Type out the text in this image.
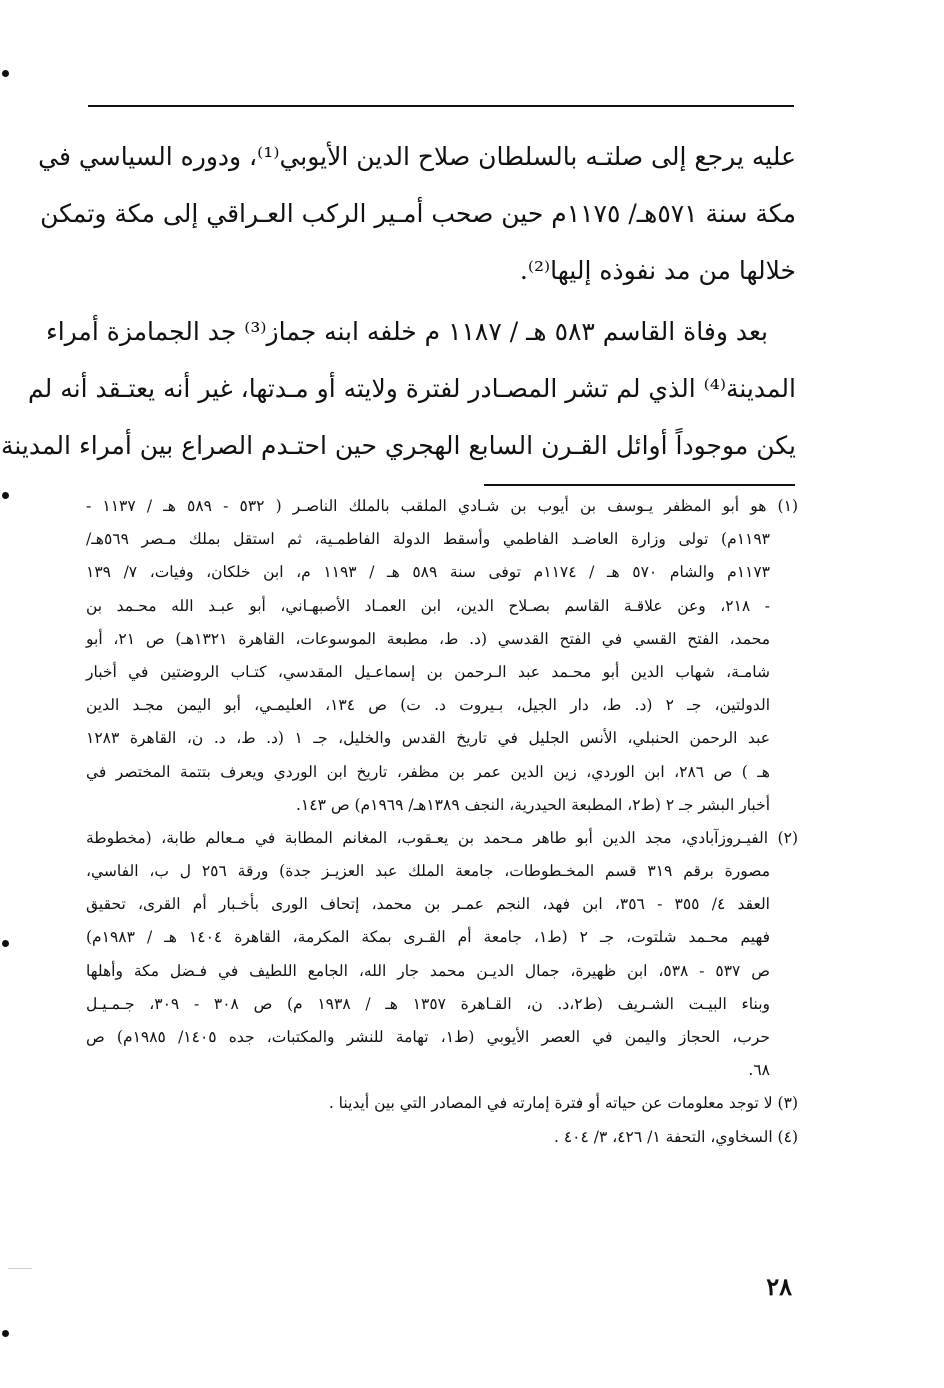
عليه يرجع إلى صلتـه بالسلطان صلاح الدين الأيوبي⁽¹⁾، ودوره السياسي في
مكة سنة ٥٧١هـ/ ١١٧٥م حين صحب أمـير الركب العـراقي إلى مكة وتمكن
خلالها من مد نفوذه إليها⁽²⁾.
بعد وفاة القاسم ٥٨٣ هـ / ١١٨٧ م خلفه ابنه جماز⁽³⁾ جد الجمامزة أمراء
المدينة⁽⁴⁾ الذي لم تشر المصـادر لفترة ولايته أو مـدتها، غير أنه يعتـقد أنه لم
يكن موجوداً أوائل القـرن السابع الهجري حين احتـدم الصراع بين أمراء المدينة
(١) هو أبو المظفر يـوسف بن أيوب بن شـادي الملقب بالملك الناصـر ( ٥٣٢ - ٥٨٩ هـ / ١١٣٧ -
١١٩٣م) تولى وزارة العاضـد الفاطمي وأسقط الدولة الفاطمـية، ثم استقل بملك مـصر ٥٦٩هـ/
١١٧٣م والشام ٥٧٠ هـ / ١١٧٤م توفى سنة ٥٨٩ هـ / ١١٩٣ م، ابن خلكان، وفيات، ٧/ ١٣٩
- ٢١٨، وعن علاقـة القاسم بصـلاح الدين، ابن العمـاد الأصبهـاني، أبو عبـد الله محـمد بن
محمد، الفتح القسي في الفتح القدسي (د. ط، مطبعة الموسوعات، القاهرة ١٣٢١هـ) ص ٢١، أبو
شامـة، شهاب الدين أبو محـمد عبد الـرحمن بن إسماعـيل المقدسي، كتـاب الروضتين في أخبار
الدولتين، جـ ٢ (د. ط، دار الجيل، بـيروت د. ت) ص ١٣٤، العليمـي، أبو اليمن مجـد الدين
عبد الرحمن الحنبلي، الأنس الجليل في تاريخ القدس والخليل، جـ ١ (د. ط، د. ن، القاهرة ١٢٨٣
هـ ) ص ٢٨٦، ابن الوردي، زين الدين عمر بن مظفر، تاريخ ابن الوردي ويعرف بتتمة المختصر في
أخبار البشر جـ ٢ (ط٢، المطبعة الحيدرية، النجف ١٣٨٩هـ/ ١٩٦٩م) ص ١٤٣.
(٢) الفيـروزآبادي، مجد الدين أبو طاهر مـحمد بن يعـقوب، المغانم المطابة في مـعالم طابة، (مخطوطة
مصورة برقم ٣١٩ قسم المخـطوطات، جامعة الملك عبد العزيـز جدة) ورقة ٢٥٦ ل ب، الفاسي،
العقد ٤/ ٣٥٥ - ٣٥٦، ابن فهد، النجم عمـر بن محمد، إتحاف الورى بأخـبار أم القرى، تحقيق
فهيم محـمد شلتوت، جـ ٢ (ط١، جامعة أم القـرى بمكة المكرمة، القاهرة ١٤٠٤ هـ / ١٩٨٣م)
ص ٥٣٧ - ٥٣٨، ابن ظهيرة، جمال الديـن محمد جار الله، الجامع اللطيف في فـضل مكة وأهلها
وبناء البيـت الشـريف (ط٢،د. ن، القـاهرة ١٣٥٧ هـ / ١٩٣٨ م) ص ٣٠٨ - ٣٠٩، جـمـيـل
حرب، الحجاز واليمن في العصر الأيوبي (ط١، تهامة للنشر والمكتبات، جده ١٤٠٥/ ١٩٨٥م) ص
٦٨.
(٣) لا توجد معلومات عن حياته أو فترة إمارته في المصادر التي بين أيدينا .
(٤) السخاوي، التحفة ١/ ٤٢٦، ٣/ ٤٠٤ .
٢٨
